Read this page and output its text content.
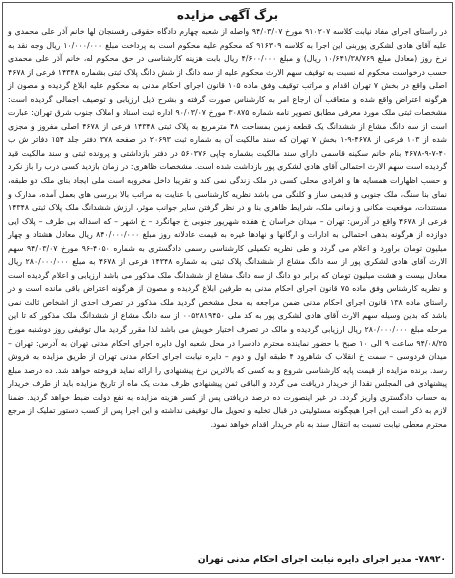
برگ آگهی مزایده

در راستای اجرای مفاد نیابت کلاسه ۹۱۰۲۰۷ مورخ ۹۴/۰۳/۰۷ واصله از شعبه چهارم دادگاه حقوقی رفسنجان لها خانم آذر علی محمدی و علیه آقای هادی لشکری پوربنی این اجرا به کلاسه ۹۱۶۳۰۹ که محکوم علیه محکوم است به پرداخت مبلغ ۱۰/۰۰۰/۰۰۰ ریال وجه نقد به نرخ روز (معادل مبلغ ۱۰/۶۴۱/۳۸/۷۶۹ ریال) و مبلغ ۴/۶۰۰/۰۰۰ ریال بابت هزینه کارشناسی در حق محکوم له، خانم آذر علی محمدی حسب درخواست محکوم له نسبت به توقیف سهم الارث محکوم علیه از سه دانگ از شش دانگ پلاک ثبتی بشماره ۱۴۳۴۸ فرعی از ۴۶۷۸ اصلی واقع در بخش ۷ تهران اقدام و مراتب توقیف وفق ماده ۱۰۵ قانون اجرای احکام مدنی به محکوم علیه ابلاغ گردیده و مصون از هرگونه اعتراض واقع شده و متعاقب آن ارجاع امر به کارشناس صورت گرفته و بشرح ذیل ارزیابی و توصیف اجمالی گردیده است: مشخصات ثبتی ملک مورد معرفی مطابق تصویر نامه شماره ۳۰۸۷۵ مورخ ۹۰/۰۳/۰۷ اداره ثبت اسناد و املاک جنوب شرق تهران: عبارت است از سه دانگ مشاع از ششدانگ یک قطعه زمین بمساحت ۴۸ مترمربع به پلاک ثبتی ۱۴۳۴۸ فرعی از ۴۶۷۸ اصلی مفروز و مجزی شده از ۱۰۳ فرعی از ۴۶۷۸-۹-۱ بخش ۷ تهران که سند مالکیت آن به شماره ثبت ۲۰۶۹۳ در صفحه ۳۷۸ دفتر جلد ۱۵۴ دفاتر ش ب ۴۰-۷-۹-۴۶۷۸ بنام خانم سکینه قاسمی دارای سند مالکیت بشماره چاپی ۵۶۰۳۷۶ در دفتر بازداشتی و پرونده ثبتی و سند مالکیت قید گردیده است سهم الارث احتمالی آقای هادی لشکری پور بازداشت شده است. مشخصات ظاهری: در زمان بازدید کسی درب را باز نکرد و حسب اظهارات همسایه ها و افرادی محلی کسی در ملک زندگی نمی کند و تقریبا داخل مخروبه است ملی ایجاد بنای ملک دو طبقه، نمای بنا سنگ، ملک جنوبی و قدیمی ساز و کلنگی می باشد نظریه کارشناسی با عنایت به مراتب بالا بررسی های بعمل آمده، مدارک و مستندات، موقعیت مکانی و زمانی ملک، شرایط ظاهری بنا و در نظر گرفتن سایر جوانب موثر، ارزش ششدانگ ملک پلاک ثبتی ۱۴۳۴۸ فرعی از ۴۶۷۸ واقع در آدرس: تهران – میدان خراسان خ هفده شهریور جنوبی خ جهانگرد – خ اشهر – که اسداله بی طرف – پلاک ایی دوازده از هرگونه بدهی احتمالی به ادارات و ارگانها و نهادها غیره به قیمت عادلانه روز مبلغ ۸۴۰/۰۰۰/۰۰۰ ریال معادل هشتاد و چهار میلیون تومان براورد و اعلام می گردد و طی نظریه تکمیلی کارشناسی رسمی دادگستری به شماره ۴۰۵۰-۹۶ مورخ ۹۴/۰۳/۰۷ سهم الارث آقای هادی لشکری پور از سه دانگ مشاع از ششدانگ پلاک ثبتی به شماره ۱۴۳۴۸ فرعی از ۴۶۷۸ به مبلغ ۲۸۰/۰۰۰/۰۰۰ ریال معادل بیست و هشت میلیون تومان که برابر دو دانگ از سه دانگ مشاع از ششدانگ ملک مذکور می باشد ارزیابی و اعلام گردیده است و نظریه کارشناس وفق ماده ۷۵ قانون اجرای احکام مدنی به طرفین ابلاغ گردیده و مصون از هرگونه اعتراض باقی مانده است و در راستای ماده ۱۳۸ قانون اجرای احکام مدنی ضمن مراجعه به محل مشخص گردید ملک مذکور در تصرف احدی از اشخاص ثالث نمی باشد که بدین وسیله سهم الارث آقای هادی لشکری پور به کد ملی ۰۰۵۲۸۱۹۴۵۰ از سه دانگ مشاع از ششدانگ ملک مذکور که تا این مرحله مبلغ ۲۸۰/۰۰۰/۰۰۰ ریال ارزیابی گردیده و مالک در تصرف اختیار خویش می باشد لذا مقرر گردید مال توقیفی روز دوشنبه مورخ ۹۴/۰۸/۲۵ ساعت ۹ الی ۱۰ صبح با حضور نماینده محترم دادسرا در محل شعبه اول دایره اجرای احکام مدنی تهران به آدرس: تهران – میدان فردوسی – سمت خ انقلاب ک شاهرود ۴ طبقه اول و دوم – دایره نیابت اجرای احکام مدنی تهران از طریق مزایده به فروش رسد. برنده مزایده از قیمت پایه کارشناسی شروع و به کسی که بالاترین نرخ پیشنهادی را ارائه نماید فروخته خواهد شد. ده درصد مبلغ پیشنهادی فی المجلس نقدا از خریدار دریافت می گردد و الباقی ثمن پیشنهادی ظرف مدت یک ماه از تاریخ مزایده باید از طرف خریدار به حساب دادگستری واریز گردد. در غیر اینصورت ده درصد دریافتی پس از کسر هزینه مزایده به نفع دولت ضبط خواهد گردید. ضمنا لازم به ذکر است این اجرا هیچگونه مسئولیتی در قبال تخلیه و تحویل مال توقیفی نداشته و این اجرا پس از کسب دستور تملیک از مرجع محترم معطی نیابت نسبت به انتقال سند به نام خریدار اقدام خواهد نمود.

۷۸۹۲۰- مدیر اجرای دایره نیابت اجرای احکام مدنی تهران
